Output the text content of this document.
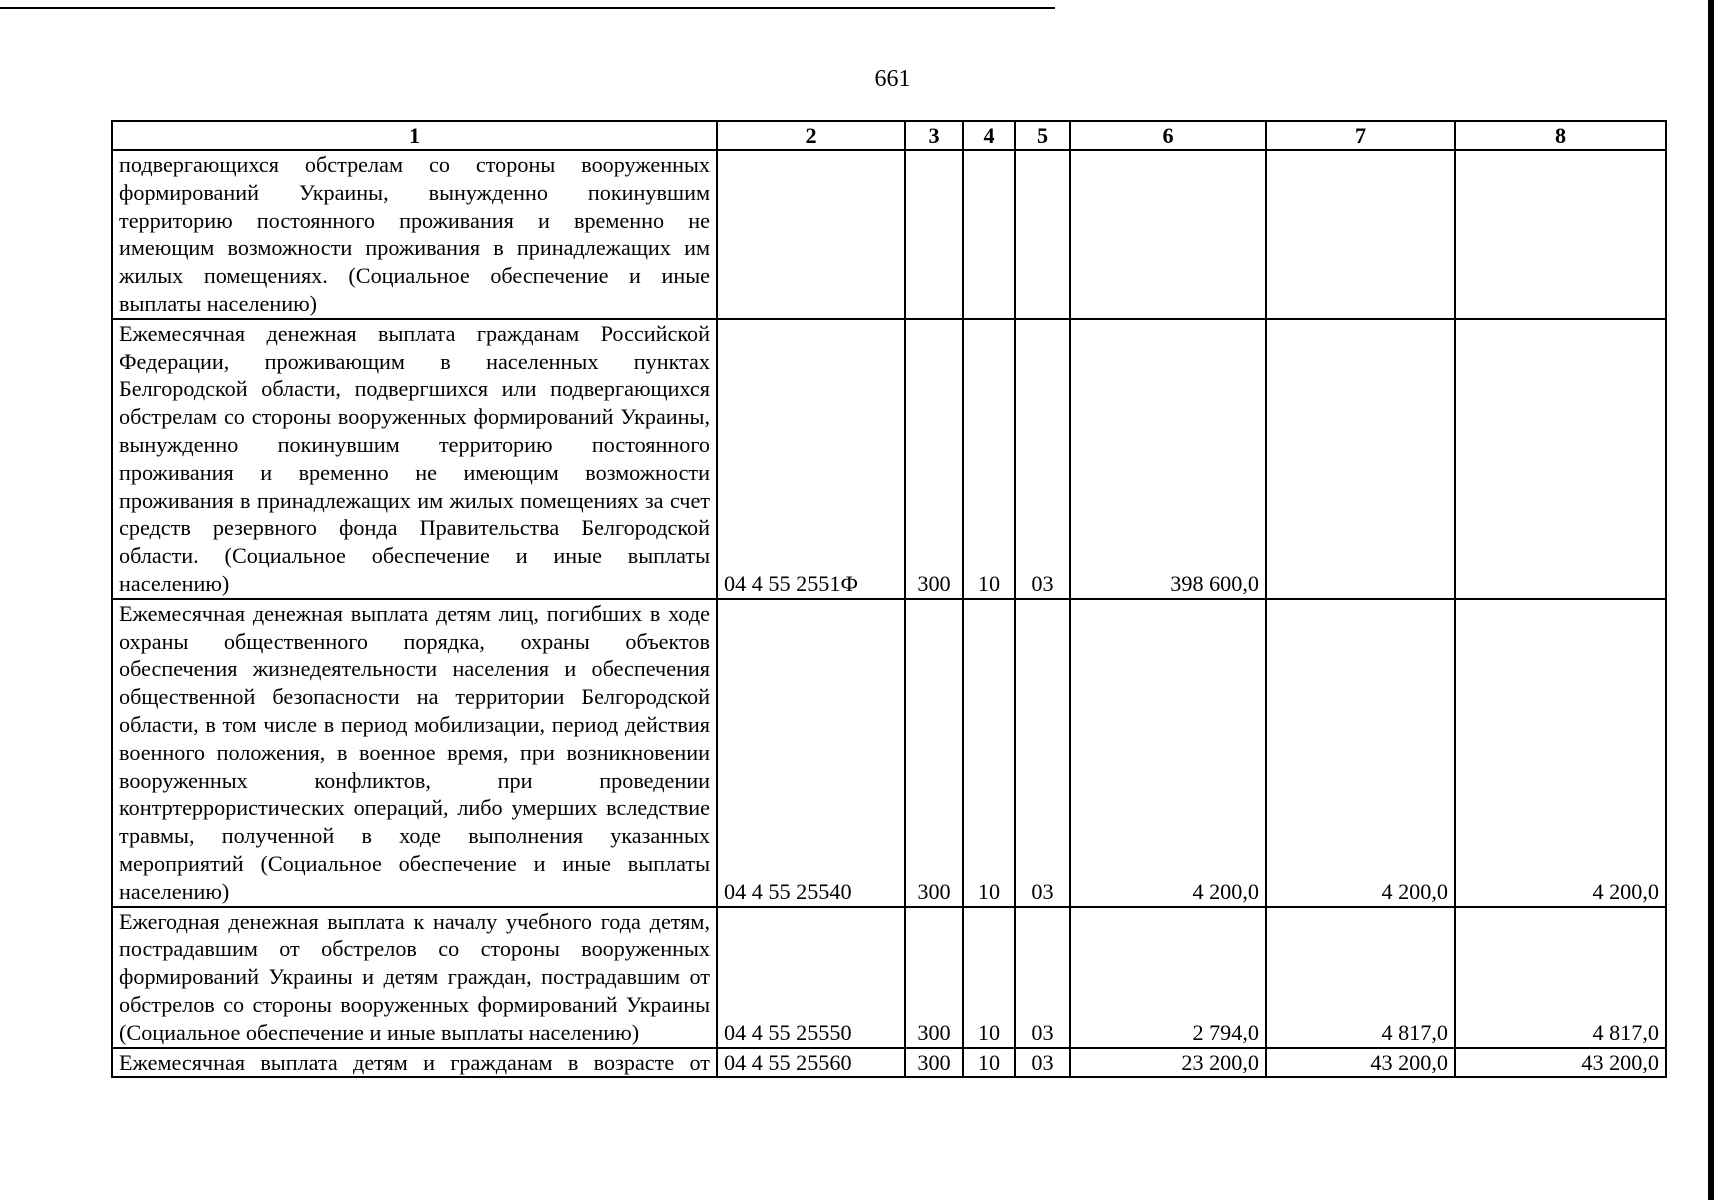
661
1	2	3	4	5	6	7	8
подвергающихся обстрелам со стороны вооруженных формирований Украины, вынужденно покинувшим территорию постоянного проживания и временно не имеющим возможности проживания в принадлежащих им жилых помещениях. (Социальное обеспечение и иные выплаты населению)							
Ежемесячная денежная выплата гражданам Российской Федерации, проживающим в населенных пунктах Белгородской области, подвергшихся или подвергающихся обстрелам со стороны вооруженных формирований Украины, вынужденно покинувшим территорию постоянного проживания и временно не имеющим возможности проживания в принадлежащих им жилых помещениях за счет средств резервного фонда Правительства Белгородской области. (Социальное обеспечение и иные выплаты населению)	04 4 55 2551Ф	300	10	03	398 600,0		
Ежемесячная денежная выплата детям лиц, погибших в ходе охраны общественного порядка, охраны объектов обеспечения жизнедеятельности населения и обеспечения общественной безопасности на территории Белгородской области, в том числе в период мобилизации, период действия военного положения, в военное время, при возникновении вооруженных конфликтов, при проведении контртеррористических операций, либо умерших вследствие травмы, полученной в ходе выполнения указанных мероприятий (Социальное обеспечение и иные выплаты населению)	04 4 55 25540	300	10	03	4 200,0	4 200,0	4 200,0
Ежегодная денежная выплата к началу учебного года детям, пострадавшим от обстрелов со стороны вооруженных формирований Украины и детям граждан, пострадавшим от обстрелов со стороны вооруженных формирований Украины (Социальное обеспечение и иные выплаты населению)	04 4 55 25550	300	10	03	2 794,0	4 817,0	4 817,0
Ежемесячная выплата детям и гражданам в возрасте от	04 4 55 25560	300	10	03	23 200,0	43 200,0	43 200,0
